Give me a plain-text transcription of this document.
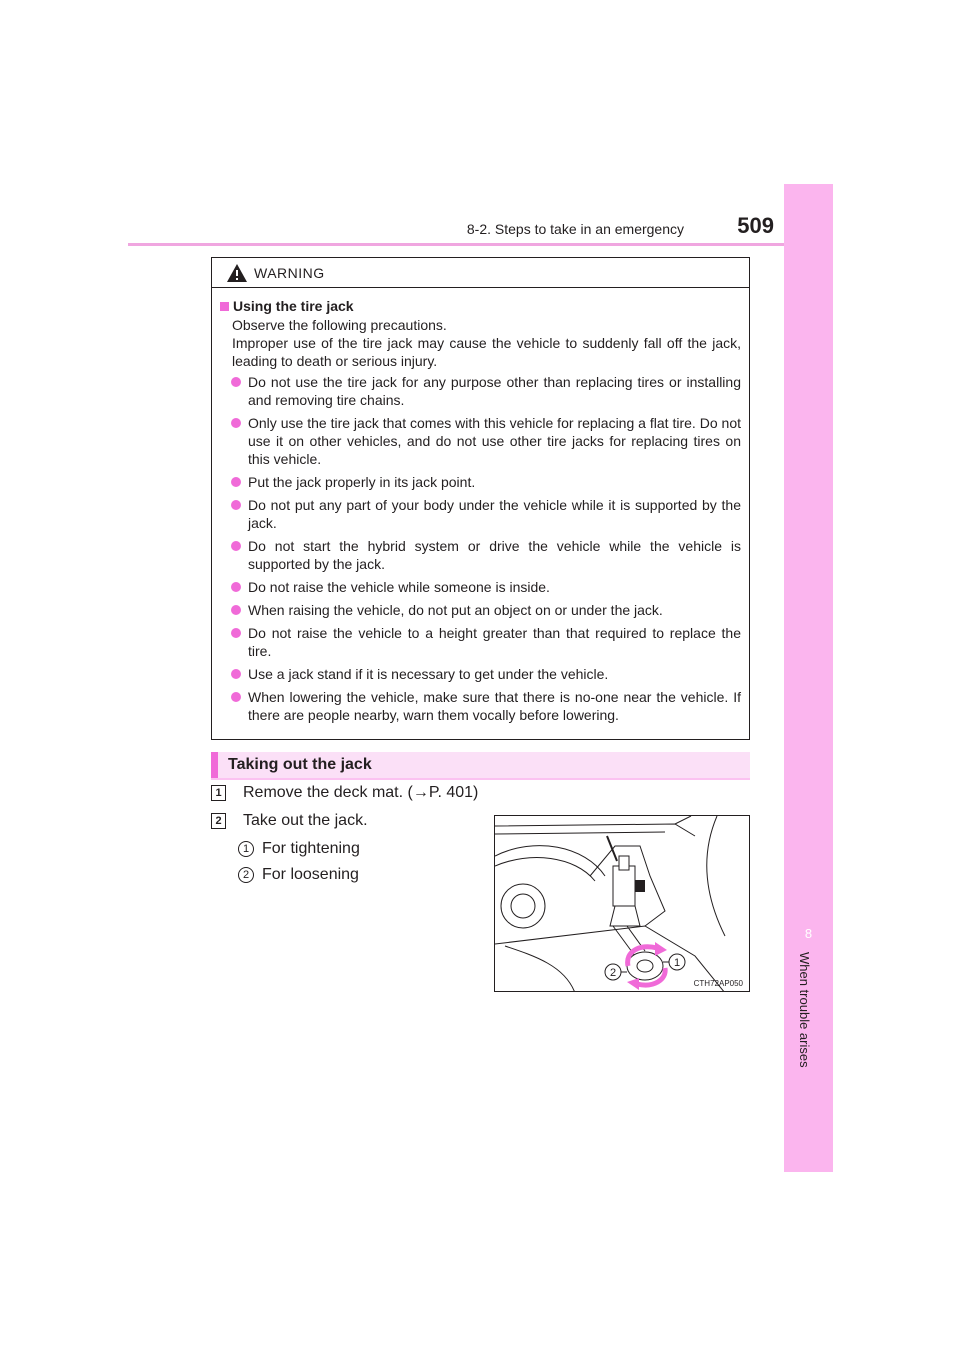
8-2. Steps to take in an emergency	509
8
When trouble arises
WARNING
Using the tire jack

Observe the following precautions.

Improper use of the tire jack may cause the vehicle to suddenly fall off the jack, leading to death or serious injury.

Do not use the tire jack for any purpose other than replacing tires or installing and removing tire chains.
Only use the tire jack that comes with this vehicle for replacing a flat tire. Do not use it on other vehicles, and do not use other tire jacks for replacing tires on this vehicle.
Put the jack properly in its jack point.
Do not put any part of your body under the vehicle while it is supported by the jack.
Do not start the hybrid system or drive the vehicle while the vehicle is supported by the jack.
Do not raise the vehicle while someone is inside.
When raising the vehicle, do not put an object on or under the jack.
Do not raise the vehicle to a height greater than that required to replace the tire.
Use a jack stand if it is necessary to get under the vehicle.
When lowering the vehicle, make sure that there is no-one near the vehicle. If there are people nearby, warn them vocally before lowering.
Taking out the jack
1 Remove the deck mat. (→P. 401)
2 Take out the jack.
1 For tightening
2 For loosening
1
2
CTH72AP050
